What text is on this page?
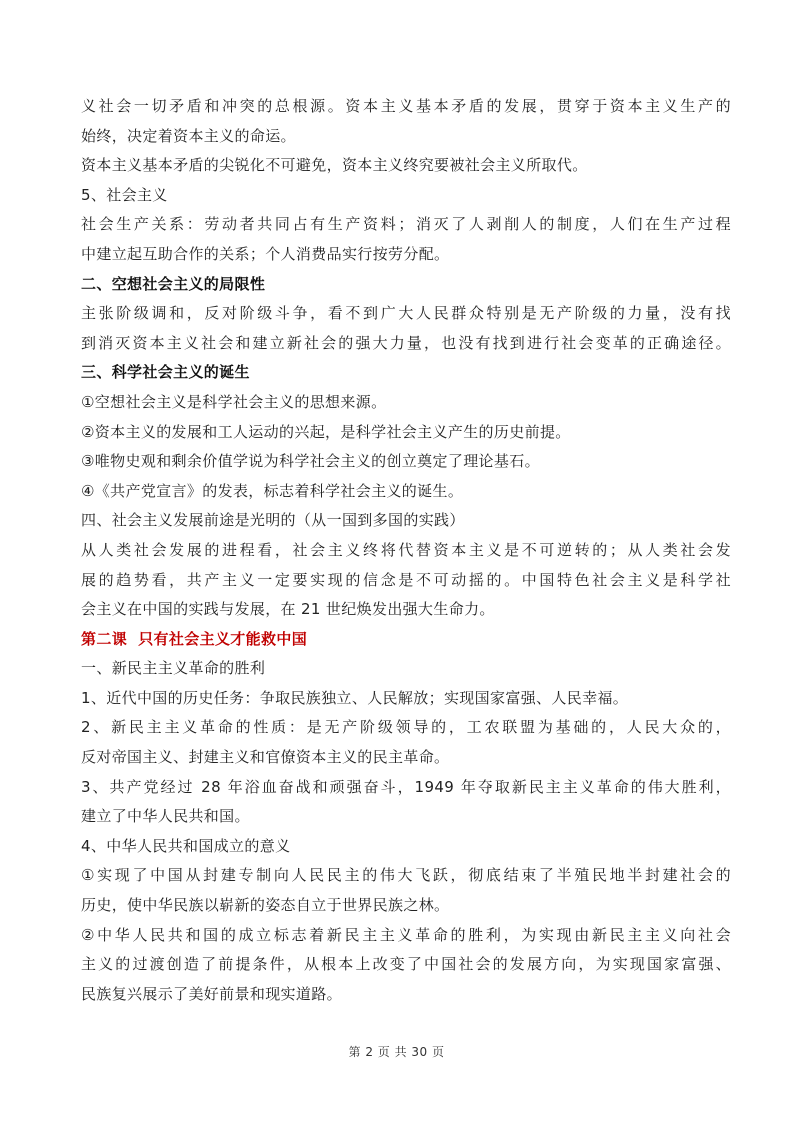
义社会一切矛盾和冲突的总根源。资本主义基本矛盾的发展，贯穿于资本主义生产的
始终，决定着资本主义的命运。
资本主义基本矛盾的尖锐化不可避免，资本主义终究要被社会主义所取代。
5、社会主义
社会生产关系：劳动者共同占有生产资料；消灭了人剥削人的制度，人们在生产过程
中建立起互助合作的关系；个人消费品实行按劳分配。
二、空想社会主义的局限性
主张阶级调和，反对阶级斗争，看不到广大人民群众特别是无产阶级的力量，没有找
到消灭资本主义社会和建立新社会的强大力量，也没有找到进行社会变革的正确途径。
三、科学社会主义的诞生
①空想社会主义是科学社会主义的思想来源。
②资本主义的发展和工人运动的兴起，是科学社会主义产生的历史前提。
③唯物史观和剩余价值学说为科学社会主义的创立奠定了理论基石。
④《共产党宣言》的发表，标志着科学社会主义的诞生。
四、社会主义发展前途是光明的（从一国到多国的实践）
从人类社会发展的进程看，社会主义终将代替资本主义是不可逆转的；从人类社会发
展的趋势看，共产主义一定要实现的信念是不可动摇的。中国特色社会主义是科学社
会主义在中国的实践与发展，在 21 世纪焕发出强大生命力。
第二课  只有社会主义才能救中国
一、新民主主义革命的胜利
1、近代中国的历史任务：争取民族独立、人民解放；实现国家富强、人民幸福。
2、新民主主义革命的性质：是无产阶级领导的，工农联盟为基础的，人民大众的，
反对帝国主义、封建主义和官僚资本主义的民主革命。
3、共产党经过 28 年浴血奋战和顽强奋斗，1949 年夺取新民主主义革命的伟大胜利，
建立了中华人民共和国。
4、中华人民共和国成立的意义
①实现了中国从封建专制向人民民主的伟大飞跃，彻底结束了半殖民地半封建社会的
历史，使中华民族以崭新的姿态自立于世界民族之林。
②中华人民共和国的成立标志着新民主主义革命的胜利，为实现由新民主主义向社会
主义的过渡创造了前提条件，从根本上改变了中国社会的发展方向，为实现国家富强、
民族复兴展示了美好前景和现实道路。
第 2 页 共 30 页
